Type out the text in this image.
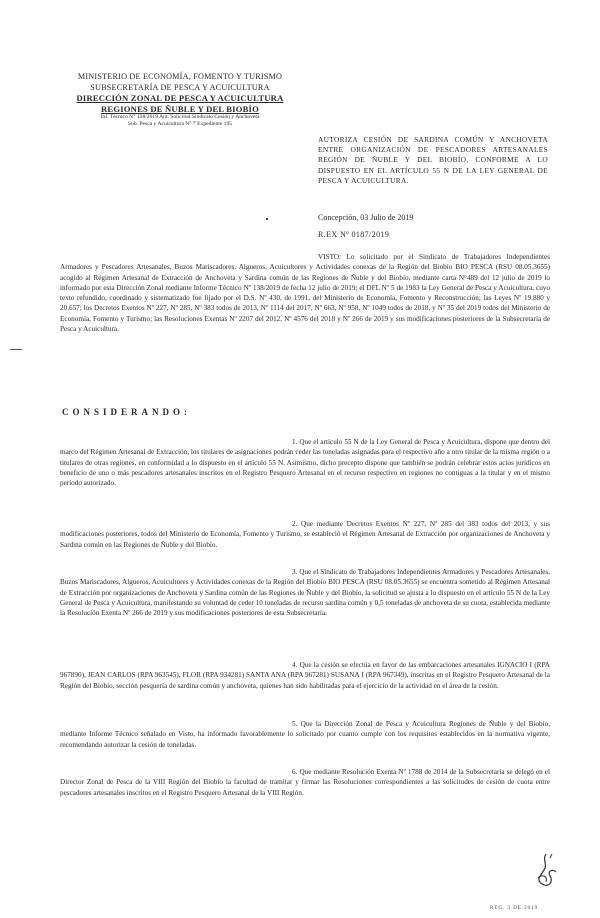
MINISTERIO DE ECONOMÍA, FOMENTO Y TURISMO
SUBSECRETARÍA DE PESCA Y ACUICULTURA
DIRECCIÓN ZONAL DE PESCA Y ACUICULTURA
REGIONES DE ÑUBLE Y DEL BIOBÍO
Inf. Técnico N° 138/2019 Ant. Solicitud Sindicato Cesión y Anchoveta
Sub. Pesca y Acuicultura N° 7 Expediente 195
AUTORIZA CESIÓN DE SARDINA COMÚN Y ANCHOVETA ENTRE ORGANIZACIÓN DE PESCADORES ARTESANALES REGIÓN DE ÑUBLE Y DEL BIOBÍO, CONFORME A LO DISPUESTO EN EL ARTÍCULO 55 N DE LA LEY GENERAL DE PESCA Y ACUICULTURA.
Concepción, 03 Julio de 2019
R.EX Nº 0187/2019
VISTO: Lo solicitado por el Sindicato de Trabajadores Independientes Armadores y Pescadores Artesanales, Buzos Mariscadores, Algueros, Acuicultores y Actividades conexas de la Región del Biobío BIO PESCA (RSU 08.05.3655) acogido al Régimen Artesanal de Extracción de Anchoveta y Sardina común de las Regiones de Ñuble y del Biobío, mediante carta N°489 del 12 julio de 2019 lo informado por esta Dirección Zonal mediante Informe Técnico Nº 138/2019 de fecha 12 julio de 2019; el DFL Nº 5 de 1983 la Ley General de Pesca y Acuicultura, cuyo texto refundido, coordinado y sistematizado fue fijado por el D.S. Nº 430, de 1991, del Ministerio de Economía, Fomento y Reconstrucción; las Leyes Nº 19.880 y 20.657; los Decretos Exentos Nº 227, Nº 285, Nº 383 todos de 2013, Nº 1114 del 2017, Nº 663, Nº 958, Nº 1049 todos de 2018, y Nº 35 del 2019 todos del Ministerio de Economía, Fomento y Turismo; las Resoluciones Exentas Nº 2207 del 2012, Nº 4576 del 2018 y Nº 266 de 2019 y sus modificaciones posteriores de la Subsecretaría de Pesca y Acuicultura.
CONSIDERANDO:
1. Que el artículo 55 N de la Ley General de Pesca y Acuicultura, dispone que dentro del marco del Régimen Artesanal de Extracción, los titulares de asignaciones podrán ceder las toneladas asignadas para el respectivo año a otro titular de la misma región o a titulares de otras regiones, en conformidad a lo dispuesto en el artículo 55 N. Asimismo, dicho precepto dispone que también se podrán celebrar estos actos jurídicos en beneficio de uno o más pescadores artesanales inscritos en el Registro Pesquero Artesanal en el recurso respectivo en regiones no contiguas a la titular y en el mismo período autorizado.
2. Que mediante Decretos Exentos Nº 227, Nº 285 del 383 todos del 2013, y sus modificaciones posteriores, todos del Ministerio de Economía, Fomento y Turismo, se estableció el Régimen Artesanal de Extracción por organizaciones de Anchoveta y Sardina común en las Regiones de Ñuble y del Biobío.
3. Que el Sindicato de Trabajadores Independientes Armadores y Pescadores Artesanales, Buzos Mariscadores, Algueros, Acuicultores y Actividades conexas de la Región del Biobío BIO PESCA (RSU 08.05.3655) se encuentra sometido al Régimen Artesanal de Extracción por organizaciones de Anchoveta y Sardina común de las Regiones de Ñuble y del Biobío, la solicitud se ajusta a lo dispuesto en el artículo 55 N de la Ley General de Pesca y Acuicultura, manifestando su voluntad de ceder 10 toneladas de recurso sardina común y 0,5 toneladas de anchoveta de su cuota, establecida mediante la Resolución Exenta Nº 266 de 2019 y sus modificaciones posteriores de esta Subsecretaría.
4. Que la cesión se efectúa en favor de las embarcaciones artesanales IGNACIO I (RPA 967890), JEAN CARLOS (RPA 963545), FLOR (RPA 934281) SANTA ANA (RPA 967281) SUSANA I (RPA 967349), inscritas en el Registro Pesquero Artesanal de la Región del Biobío, sección pesquería de sardina común y anchoveta, quienes han sido habilitadas para el ejercicio de la actividad en el área de la cesión.
5. Que la Dirección Zonal de Pesca y Acuicultura Regiones de Ñuble y del Biobío, mediante Informe Técnico señalado en Visto, ha informado favorablemente lo solicitado por cuanto cumple con los requisitos establecidos en la normativa vigente, recomendando autorizar la cesión de toneladas.
6. Que mediante Resolución Exenta Nº 1788 de 2014 de la Subsecretaría se delegó en el Director Zonal de Pesca de la VIII Región del Biobío la facultad de tramitar y firmar las Resoluciones correspondientes a las solicitudes de cesión de cuota entre pescadores artesanales inscritos en el Registro Pesquero Artesanal de la VIII Región.
REG. 3 DE 2019
